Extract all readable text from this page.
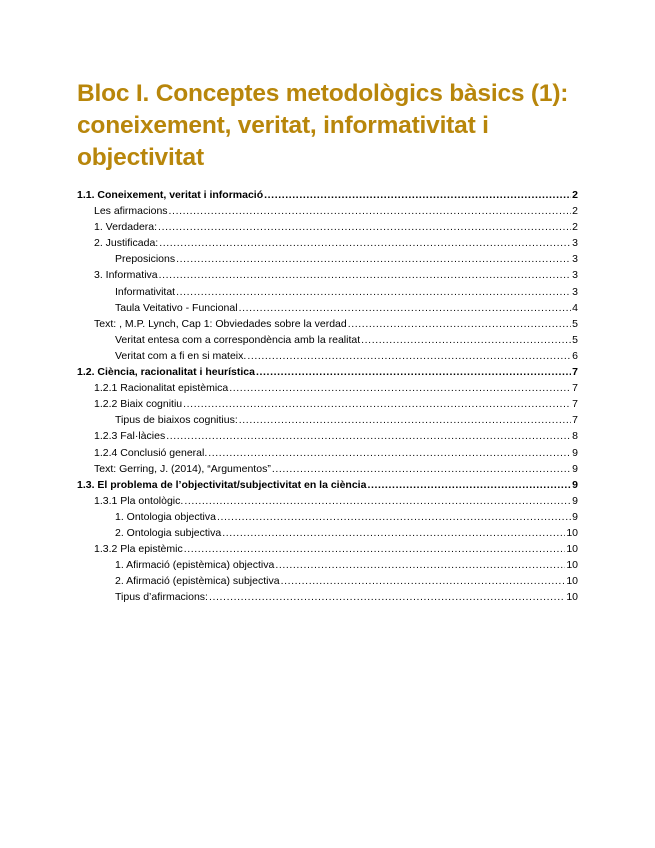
Bloc I. Conceptes metodològics bàsics (1): coneixement, veritat, informativitat i objectivitat
1.1. Coneixement, veritat i informació .....	2
Les afirmacions .....	2
1. Verdadera: .....	2
2. Justificada: .....	3
Preposicions .....	3
3. Informativa .....	3
Informativitat .....	3
Taula Veitativo - Funcional .....	4
Text: , M.P. Lynch, Cap 1: Obviedades sobre la verdad .....	5
Veritat entesa com a correspondència amb la realitat .....	5
Veritat com a fi en si mateix. .....	6
1.2. Ciència, racionalitat i heurística .....	7
1.2.1 Racionalitat epistèmica .....	7
1.2.2 Biaix cognitiu .....	7
Tipus de biaixos cognitius: .....	7
1.2.3 Fal·làcies .....	8
1.2.4 Conclusió general. .....	9
Text: Gerring, J. (2014), “Argumentos” .....	9
1.3. El problema de l’objectivitat/subjectivitat en la ciència .....	9
1.3.1 Pla ontològic. .....	9
1. Ontologia objectiva .....	9
2. Ontologia subjectiva .....	10
1.3.2 Pla epistèmic .....	10
1. Afirmació (epistèmica) objectiva .....	10
2. Afirmació (epistèmica) subjectiva .....	10
Tipus d’afirmacions: .....	10
